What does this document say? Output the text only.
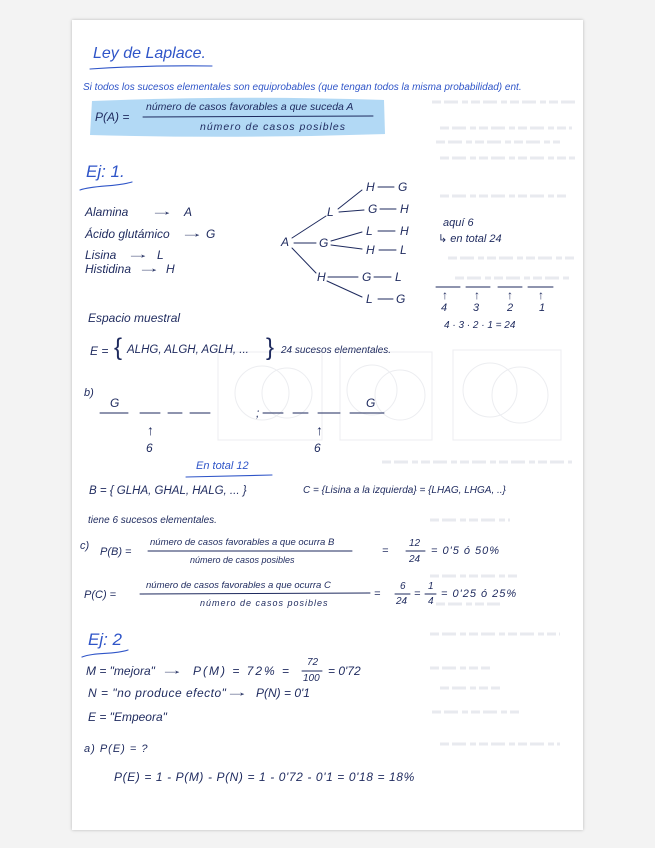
Ley de Laplace.
Si todos los sucesos elementales son equiprobables (que tengan todos la misma probabilidad) ent.
P(A) =
número de casos favorables a que suceda A
número de casos posibles
Ej: 1.
Alamina → A
Ácido glutámico → G
Lisina → L
Histidina → H
A
L
G
H
H G
G H
L H
H L
G L
L G
aquí 6
↳ en total 24
↑ ↑ ↑ ↑
4 3	2 1
4 · 3 · 2 · 1 = 24
Espacio muestral
E = { ALHG, ALGH, AGLH, ... } 24 sucesos elementales.
b)
G
↑
6
;
G
↑
6
En total 12
B = { GLHA, GHAL, HALG, ... }	C = {Lisina a la izquierda} = {LHAG, LHGA, ..}
tiene 6 sucesos elementales.
c) P(B) =
número de casos favorables a que ocurra B
número de casos posibles
=
12
24
= 0'5 ó 50%
P(C) =
número de casos favorables a que ocurra C
número de casos posibles
=
6
24
=
1
4
= 0'25 ó 25%
Ej: 2
M = "mejora" → P(M) = 72% =
72
100
= 0'72
N = "no produce efecto"
→ P(N) = 0'1
E = "Empeora"
a) P(E) = ?
P(E) = 1 - P(M) - P(N) = 1 - 0'72 - 0'1 = 0'18 = 18%
